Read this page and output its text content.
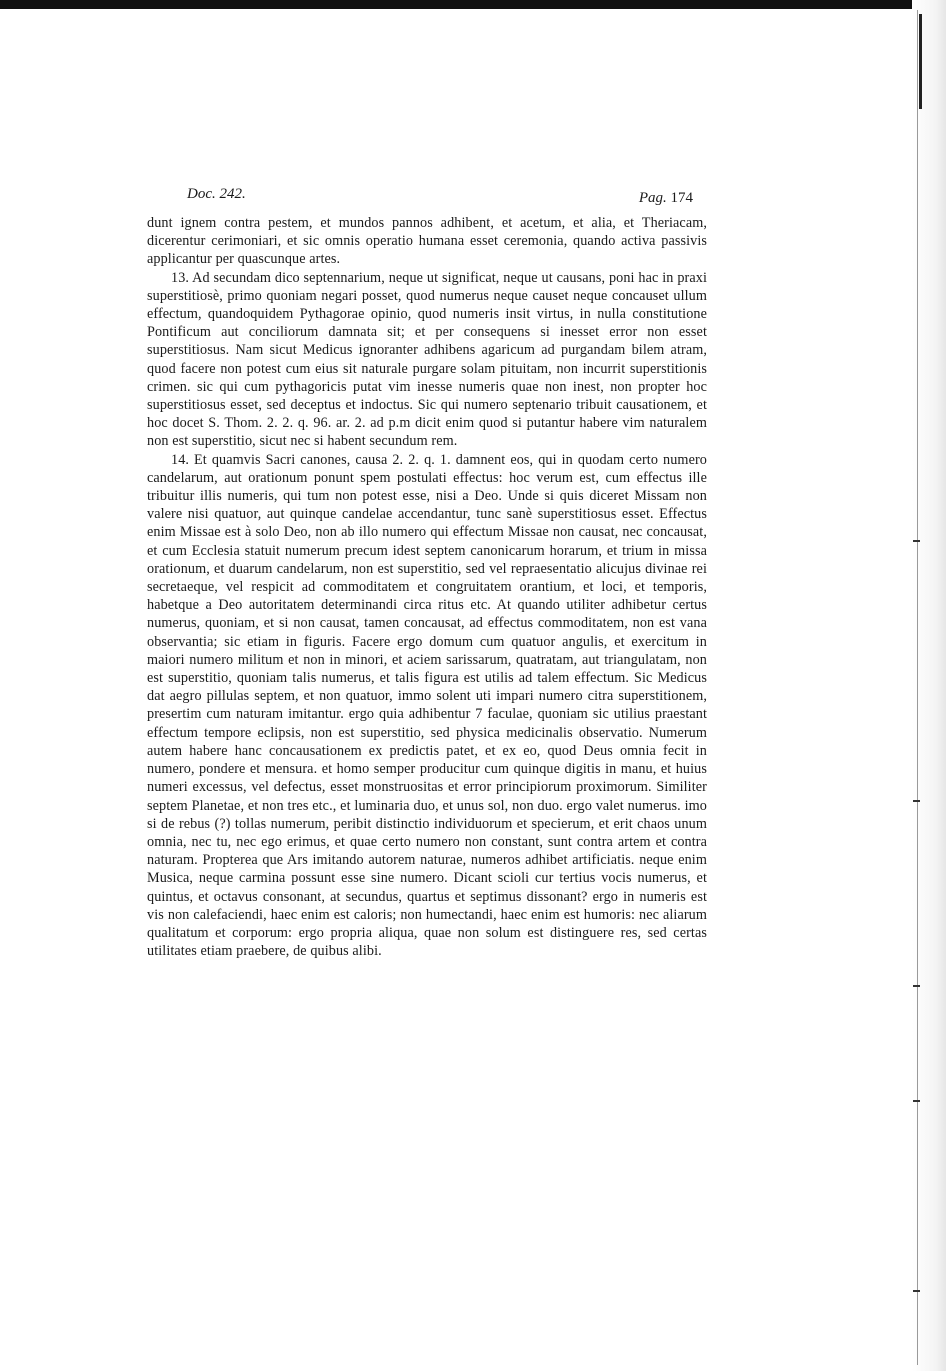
Doc. 242.	Pag. 174

dunt ignem contra pestem, et mundos pannos adhibent, et acetum, et alia, et Theriacam, dicerentur cerimoniari, et sic omnis operatio humana esset ceremonia, quando activa passivis applicantur per quascunque artes.

13. Ad secundam dico septennarium, neque ut significat, neque ut causans, poni hac in praxi superstitiosè, primo quoniam negari posset, quod numerus neque causet neque concauset ullum effectum, quandoquidem Pythagorae opinio, quod numeris insit virtus, in nulla constitutione Pontificum aut conciliorum damnata sit; et per consequens si inesset error non esset superstitiosus. Nam sicut Medicus ignoranter adhibens agaricum ad purgandam bilem atram, quod facere non potest cum eius sit naturale purgare solam pituitam, non incurrit superstitionis crimen. sic qui cum pythagoricis putat vim inesse numeris quae non inest, non propter hoc superstitiosus esset, sed deceptus et indoctus. Sic qui numero septenario tribuit causationem, et hoc docet S. Thom. 2. 2. q. 96. ar. 2. ad p.m dicit enim quod si putantur habere vim naturalem non est superstitio, sicut nec si habent secundum rem.

14. Et quamvis Sacri canones, causa 2. 2. q. 1. damnent eos, qui in quodam certo numero candelarum, aut orationum ponunt spem postulati effectus: hoc verum est, cum effectus ille tribuitur illis numeris, qui tum non potest esse, nisi a Deo. Unde si quis diceret Missam non valere nisi quatuor, aut quinque candelae accendantur, tunc sanè superstitiosus esset. Effectus enim Missae est à solo Deo, non ab illo numero qui effectum Missae non causat, nec concausat, et cum Ecclesia statuit numerum precum idest septem canonicarum horarum, et trium in missa orationum, et duarum candelarum, non est superstitio, sed vel repraesentatio alicujus divinae rei secretaeque, vel respicit ad commoditatem et congruitatem orantium, et loci, et temporis, habetque a Deo autoritatem determinandi circa ritus etc. At quando utiliter adhibetur certus numerus, quoniam, et si non causat, tamen concausat, ad effectus commoditatem, non est vana observantia; sic etiam in figuris. Facere ergo domum cum quatuor angulis, et exercitum in maiori numero militum et non in minori, et aciem sarissarum, quatratam, aut triangulatam, non est superstitio, quoniam talis numerus, et talis figura est utilis ad talem effectum. Sic Medicus dat aegro pillulas septem, et non quatuor, immo solent uti impari numero citra superstitionem, presertim cum naturam imitantur. ergo quia adhibentur 7 faculae, quoniam sic utilius praestant effectum tempore eclipsis, non est superstitio, sed physica medicinalis observatio. Numerum autem habere hanc concausationem ex predictis patet, et ex eo, quod Deus omnia fecit in numero, pondere et mensura. et homo semper producitur cum quinque digitis in manu, et huius numeri excessus, vel defectus, esset monstruositas et error principiorum proximorum. Similiter septem Planetae, et non tres etc., et luminaria duo, et unus sol, non duo. ergo valet numerus. imo si de rebus (?) tollas numerum, peribit distinctio individuorum et specierum, et erit chaos unum omnia, nec tu, nec ego erimus, et quae certo numero non constant, sunt contra artem et contra naturam. Propterea que Ars imitando autorem naturae, numeros adhibet artificiatis. neque enim Musica, neque carmina possunt esse sine numero. Dicant scioli cur tertius vocis numerus, et quintus, et octavus consonant, at secundus, quartus et septimus dissonant? ergo in numeris est vis non calefaciendi, haec enim est caloris; non humectandi, haec enim est humoris: nec aliarum qualitatum et corporum: ergo propria aliqua, quae non solum est distinguere res, sed certas utilitates etiam praebere, de quibus alibi.
